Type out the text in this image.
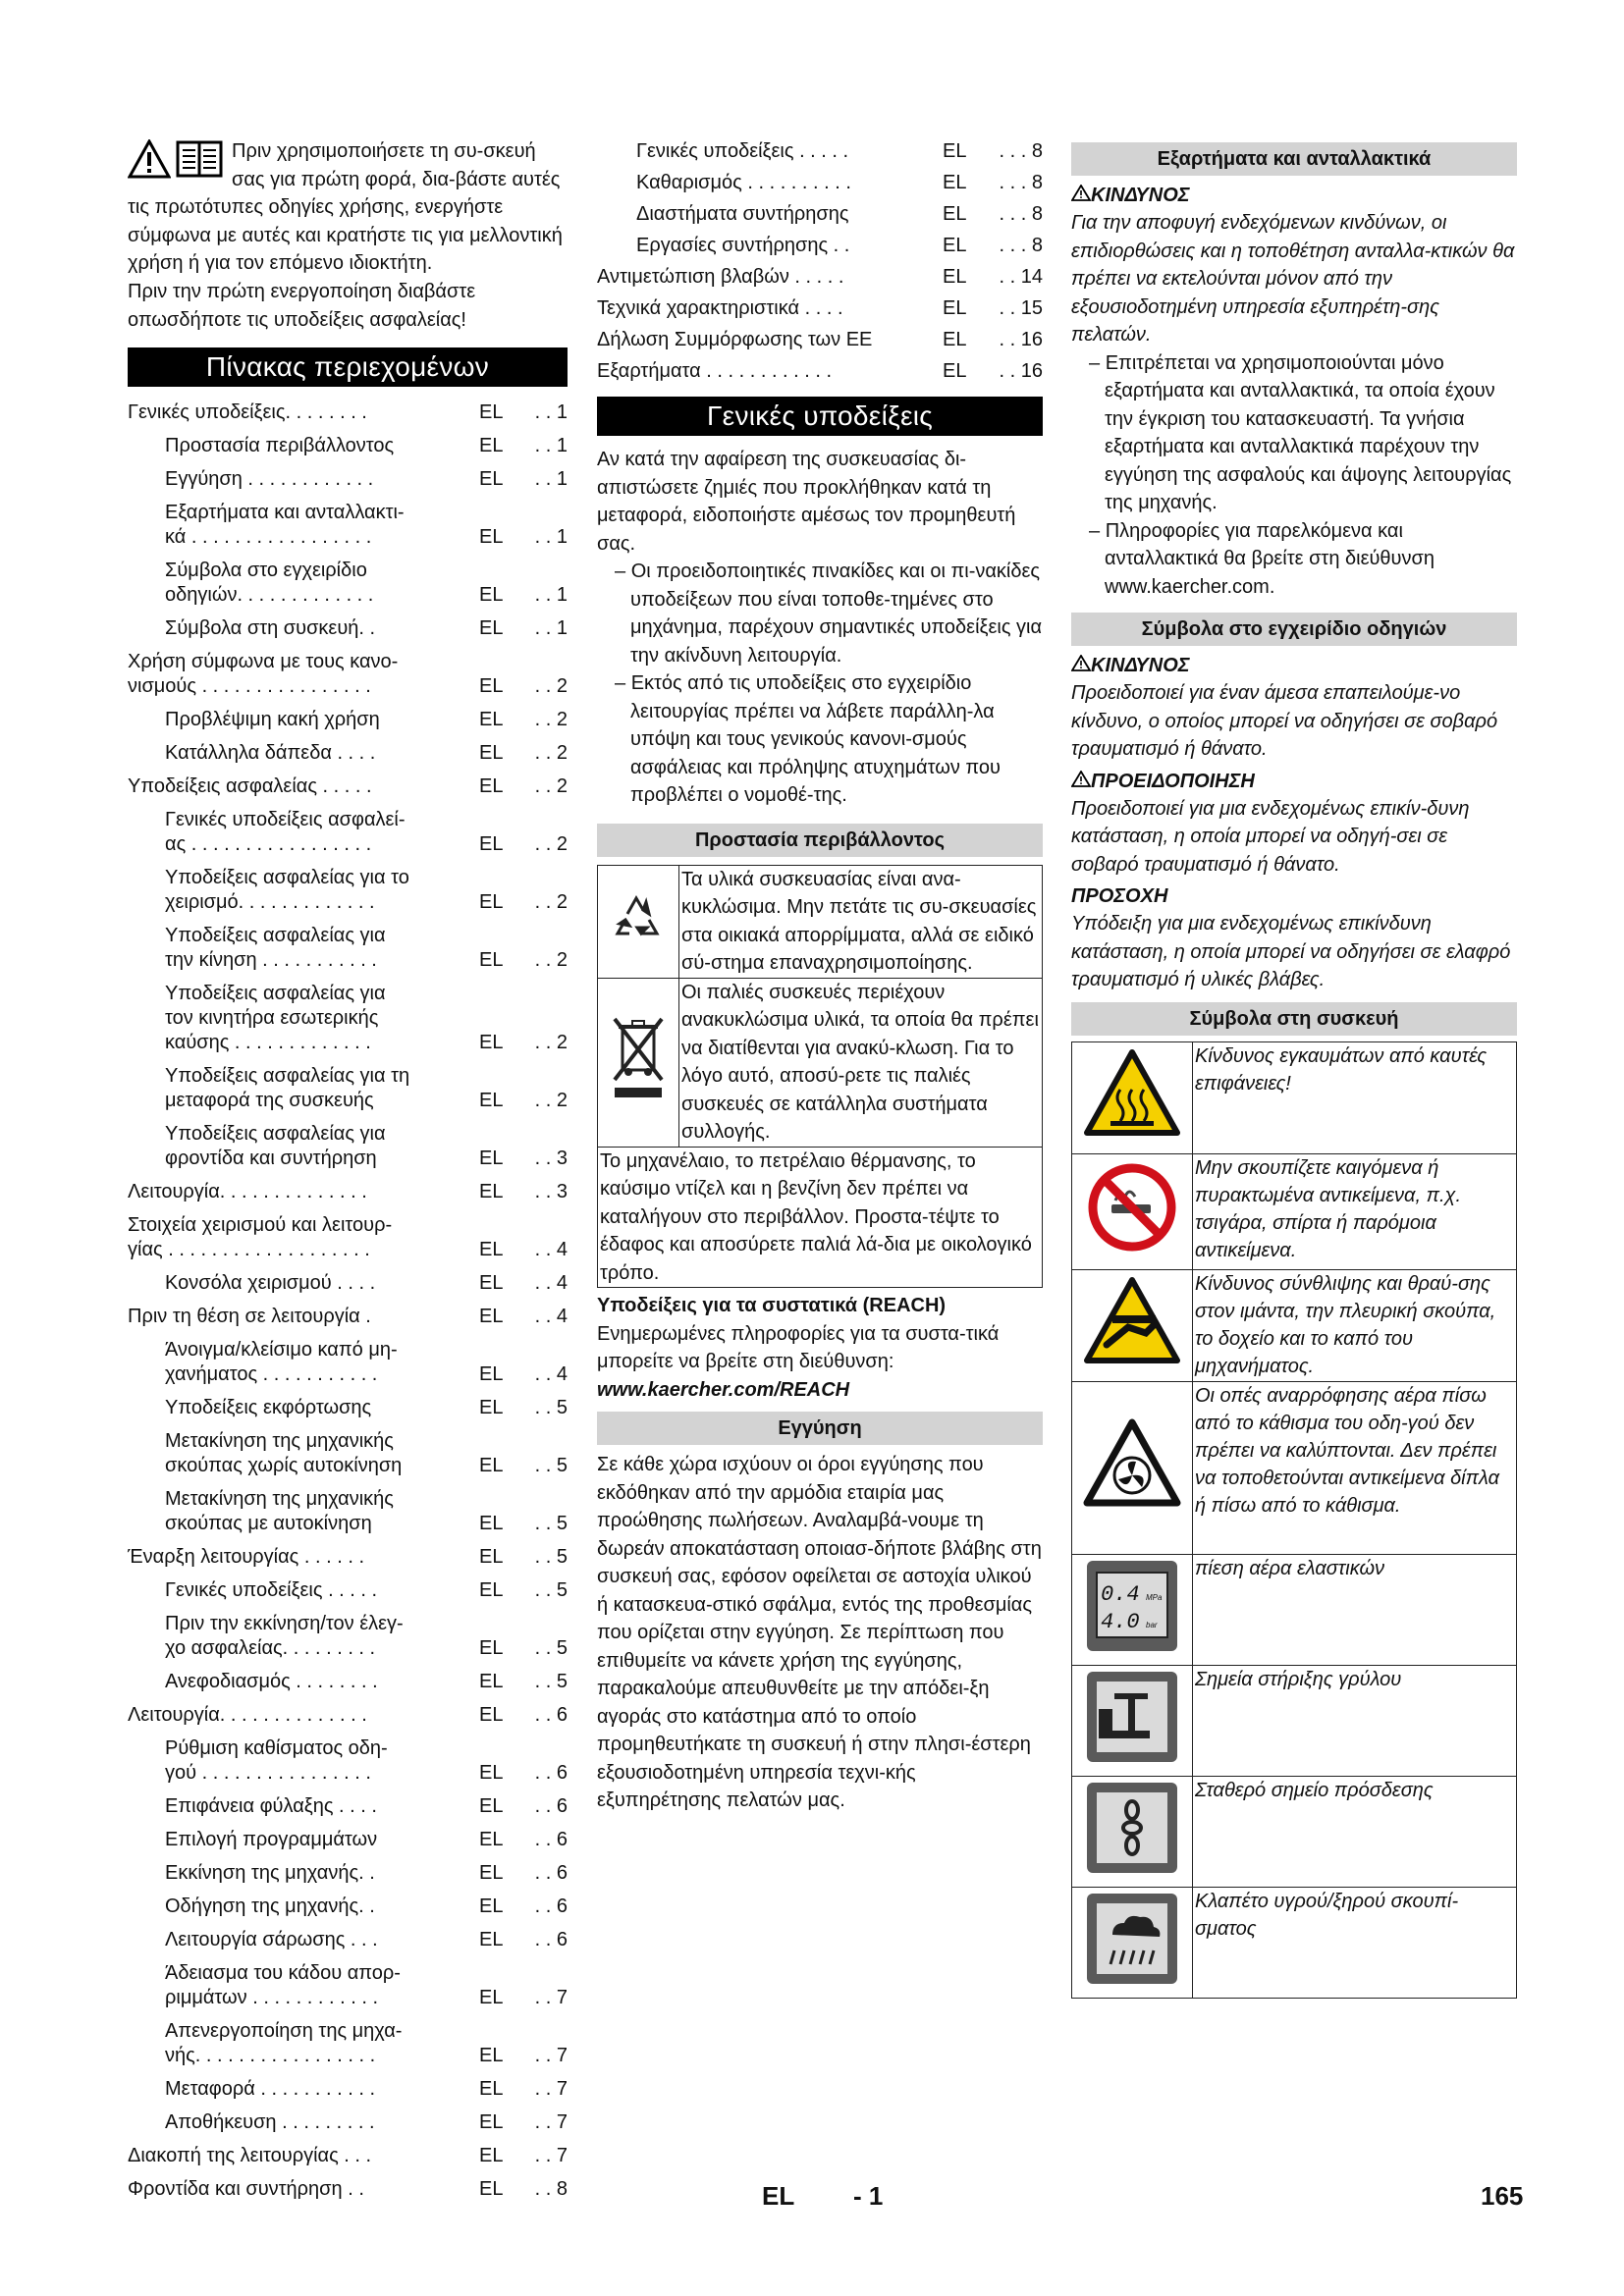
Πριν χρησιμοποιήσετε τη συ-σκευή σας για πρώτη φορά, δια-βάστε αυτές τις πρωτότυπες οδηγίες χρήσης, ενεργήστε σύμφωνα με αυτές και κρατήστε τις για μελλοντική χρήση ή για τον επόμενο ιδιοκτήτη.
Πριν την πρώτη ενεργοποίηση διαβάστε οπωσδήποτε τις υποδείξεις ασφαλείας!
Πίνακας περιεχομένων
Γενικές υποδείξεις. . . . . . . .	EL	. . 1
Προστασία περιβάλλοντος	EL	. . 1
Εγγύηση . . . . . . . . . . . .	EL	. . 1
Εξαρτήματα και ανταλλακτι-
κά . . . . . . . . . . . . . . . . .	EL	. . 1
Σύμβολα στο εγχειρίδιο
οδηγιών. . . . . . . . . . . . .	EL	. . 1
Σύμβολα στη συσκευή. .	EL	. . 1
Χρήση σύμφωνα με τους κανο-
νισμούς . . . . . . . . . . . . . . . .	EL	. . 2
Προβλέψιμη κακή χρήση	EL	. . 2
Κατάλληλα δάπεδα . . . .	EL	. . 2
Υποδείξεις ασφαλείας . . . . .	EL	. . 2
Γενικές υποδείξεις ασφαλεί-
ας . . . . . . . . . . . . . . . . .	EL	. . 2
Υποδείξεις ασφαλείας για το
χειρισμό. . . . . . . . . . . . .	EL	. . 2
Υποδείξεις ασφαλείας για
την κίνηση . . . . . . . . . . .	EL	. . 2
Υποδείξεις ασφαλείας για
τον κινητήρα εσωτερικής
καύσης . . . . . . . . . . . . .	EL	. . 2
Υποδείξεις ασφαλείας για τη
μεταφορά της συσκευής	EL	. . 2
Υποδείξεις ασφαλείας για
φροντίδα και συντήρηση	EL	. . 3
Λειτουργία. . . . . . . . . . . . . .	EL	. . 3
Στοιχεία χειρισμού και λειτουρ-
γίας . . . . . . . . . . . . . . . . . . .	EL	. . 4
Κονσόλα χειρισμού . . . .	EL	. . 4
Πριν τη θέση σε λειτουργία .	EL	. . 4
Άνοιγμα/κλείσιμο καπό μη-
χανήματος . . . . . . . . . . .	EL	. . 4
Υποδείξεις εκφόρτωσης	EL	. . 5
Μετακίνηση της μηχανικής
σκούπας χωρίς αυτοκίνηση	EL	. . 5
Μετακίνηση της μηχανικής
σκούπας με αυτοκίνηση	EL	. . 5
Έναρξη λειτουργίας . . . . . .	EL	. . 5
Γενικές υποδείξεις . . . . .	EL	. . 5
Πριν την εκκίνηση/τον έλεγ-
χο ασφαλείας. . . . . . . . .	EL	. . 5
Ανεφοδιασμός . . . . . . . .	EL	. . 5
Λειτουργία. . . . . . . . . . . . . .	EL	. . 6
Ρύθμιση καθίσματος οδη-
γού . . . . . . . . . . . . . . . .	EL	. . 6
Επιφάνεια φύλαξης . . . .	EL	. . 6
Επιλογή προγραμμάτων	EL	. . 6
Εκκίνηση της μηχανής. .	EL	. . 6
Οδήγηση της μηχανής. .	EL	. . 6
Λειτουργία σάρωσης . . .	EL	. . 6
Άδειασμα του κάδου απορ-
ριμμάτων . . . . . . . . . . . .	EL	. . 7
Απενεργοποίηση της μηχα-
νής. . . . . . . . . . . . . . . . .	EL	. . 7
Μεταφορά . . . . . . . . . . .	EL	. . 7
Αποθήκευση . . . . . . . . .	EL	. . 7
Διακοπή της λειτουργίας . . .	EL	. . 7
Φροντίδα και συντήρηση . .	EL	. . 8
Γενικές υποδείξεις . . . . .	EL	. . . 8
Καθαρισμός . . . . . . . . . .	EL	. . . 8
Διαστήματα συντήρησης	EL	. . . 8
Εργασίες συντήρησης . .	EL	. . . 8
Αντιμετώπιση βλαβών . . . . .	EL	. . 14
Τεχνικά χαρακτηριστικά . . . .	EL	. . 15
Δήλωση Συμμόρφωσης των ΕΕ	EL	. . 16
Εξαρτήματα . . . . . . . . . . . .	EL	. . 16
Γενικές υποδείξεις

Αν κατά την αφαίρεση της συσκευασίας δι-απιστώσετε ζημιές που προκλήθηκαν κατά τη μεταφορά, ειδοποιήστε αμέσως τον προμηθευτή σας.

– Οι προειδοποιητικές πινακίδες και οι πι-νακίδες υποδείξεων που είναι τοποθε-τημένες στο μηχάνημα, παρέχουν σημαντικές υποδείξεις για την ακίνδυνη λειτουργία.
– Εκτός από τις υποδείξεις στο εγχειρίδιο λειτουργίας πρέπει να λάβετε παράλλη-λα υπόψη και τους γενικούς κανονι-σμούς ασφάλειας και πρόληψης ατυχημάτων που προβλέπει ο νομοθέ-της.
Προστασία περιβάλλοντος
	Τα υλικά συσκευασίας είναι ανα-κυκλώσιμα. Μην πετάτε τις συ-σκευασίες στα οικιακά απορρίμματα, αλλά σε ειδικό σύ-στημα επαναχρησιμοποίησης.
	Οι παλιές συσκευές περιέχουν ανακυκλώσιμα υλικά, τα οποία θα πρέπει να διατίθενται για ανακύ-κλωση. Για το λόγο αυτό, αποσύ-ρετε τις παλιές συσκευές σε κατάλληλα συστήματα συλλογής.
Το μηχανέλαιο, το πετρέλαιο θέρμανσης, το καύσιμο ντίζελ και η βενζίνη δεν πρέπει να καταλήγουν στο περιβάλλον. Προστα-τέψτε το έδαφος και αποσύρετε παλιά λά-δια με οικολογικό τρόπο.	

Υποδείξεις για τα συστατικά (REACH)

Ενημερωμένες πληροφορίες για τα συστα-τικά μπορείτε να βρείτε στη διεύθυνση:

www.kaercher.com/REACH

Εγγύηση

Σε κάθε χώρα ισχύουν οι όροι εγγύησης που εκδόθηκαν από την αρμόδια εταιρία μας προώθησης πωλήσεων. Αναλαμβά-νουμε τη δωρεάν αποκατάσταση οποιασ-δήποτε βλάβης στη συσκευή σας, εφόσον οφείλεται σε αστοχία υλικού ή κατασκευα-στικό σφάλμα, εντός της προθεσμίας που ορίζεται στην εγγύηση. Σε περίπτωση που επιθυμείτε να κάνετε χρήση της εγγύησης, παρακαλούμε απευθυνθείτε με την απόδει-ξη αγοράς στο κατάστημα από το οποίο προμηθευτήκατε τη συσκευή ή στην πλησι-έστερη εξουσιοδοτημένη υπηρεσία τεχνι-κής εξυπηρέτησης πελατών μας.

Εξαρτήματα και ανταλλακτικά
ΚΙΝΔΥΝΟΣ

Για την αποφυγή ενδεχόμενων κινδύνων, οι επιδιορθώσεις και η τοποθέτηση ανταλλα-κτικών θα πρέπει να εκτελούνται μόνον από την εξουσιοδοτημένη υπηρεσία εξυπηρέτη-σης πελατών.

– Επιτρέπεται να χρησιμοποιούνται μόνο εξαρτήματα και ανταλλακτικά, τα οποία έχουν την έγκριση του κατασκευαστή. Τα γνήσια εξαρτήματα και ανταλλακτικά παρέχουν την εγγύηση της ασφαλούς και άψογης λειτουργίας της μηχανής.
– Πληροφορίες για παρελκόμενα και ανταλλακτικά θα βρείτε στη διεύθυνση www.kaercher.com.
Σύμβολα στο εγχειρίδιο οδηγιών
ΚΙΝΔΥΝΟΣ

Προειδοποιεί για έναν άμεσα επαπειλούμε-νο κίνδυνο, ο οποίος μπορεί να οδηγήσει σε σοβαρό τραυματισμό ή θάνατο.

ΠΡΟΕΙΔΟΠΟΙΗΣΗ

Προειδοποιεί για μια ενδεχομένως επικίν-δυνη κατάσταση, η οποία μπορεί να οδηγή-σει σε σοβαρό τραυματισμό ή θάνατο.

ΠΡΟΣΟΧΗ

Υπόδειξη για μια ενδεχομένως επικίνδυνη κατάσταση, η οποία μπορεί να οδηγήσει σε ελαφρό τραυματισμό ή υλικές βλάβες.

Σύμβολα στη συσκευή
	Κίνδυνος εγκαυμάτων από καυτές επιφάνειες!
	Μην σκουπίζετε καιγόμενα ή πυρακτωμένα αντικείμενα, π.χ. τσιγάρα, σπίρτα ή παρόμοια αντικείμενα.
	Κίνδυνος σύνθλιψης και θραύ-σης στον ιμάντα, την πλευρική σκούπα, το δοχείο και το καπό του μηχανήματος.
	Οι οπές αναρρόφησης αέρα πίσω από το κάθισμα του οδη-γού δεν πρέπει να καλύπτονται. Δεν πρέπει να τοποθετούνται αντικείμενα δίπλα ή πίσω από το κάθισμα.

0.4 MPa
4.0 bar	πίεση αέρα ελαστικών
	Σημεία στήριξης γρύλου
	Σταθερό σημείο πρόσδεσης
	Κλαπέτο υγρού/ξηρού σκουπί-σματος
EL - 1	165
